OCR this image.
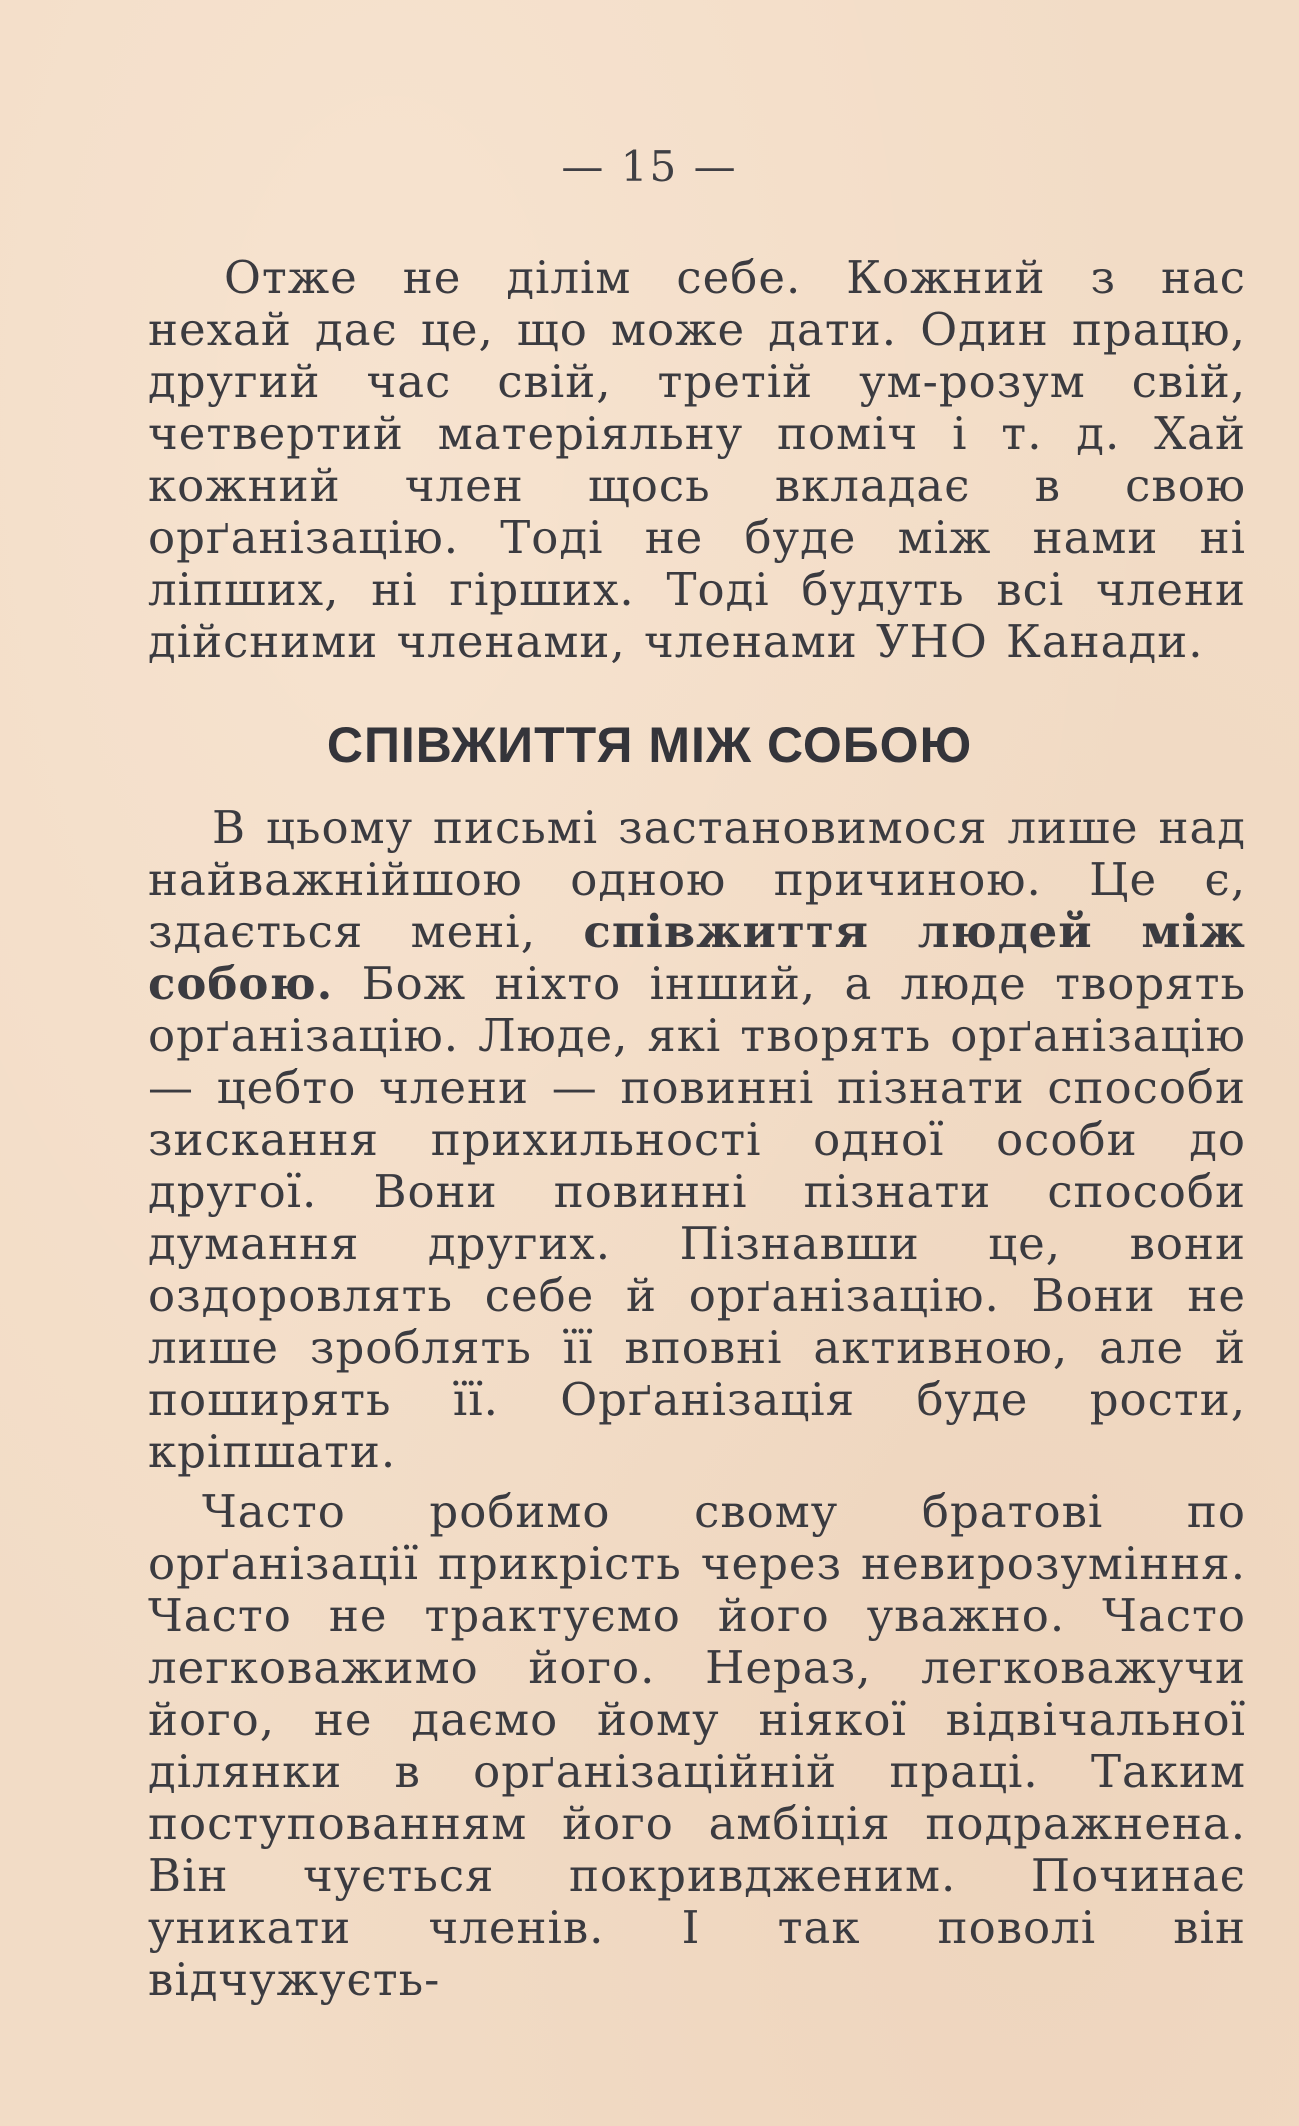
— 15 —

Отже не ділім себе. Кожний з нас нехай дає це, що може дати. Один працю, другий час свій, третій ум-розум свій, четвертий матеріяльну поміч і т. д. Хай кожний член щось вкладає в свою орґанізацію. Тоді не буде між нами ні ліпших, ні гірших. Тоді будуть всі члени дійсними членами, членами УНО Канади.

СПІВЖИТТЯ МІЖ СОБОЮ

В цьому письмі застановимося лише над найважнійшою одною причиною. Це є, здається мені, співжиття людей між собою. Бож ніхто інший, а люде творять орґанізацію. Люде, які творять орґанізацію — цебто члени — повинні пізнати способи зискання прихильності одної особи до другої. Вони повинні пізнати способи думання других. Пізнавши це, вони оздоровлять себе й орґанізацію. Вони не лише зроблять її вповні активною, але й поширять її. Орґанізація буде рости, кріпшати.

Часто робимо свому братові по орґанізації прикрість через невирозуміння. Часто не трактуємо його уважно. Часто легковажимо його. Нераз, легковажучи його, не даємо йому ніякої відвічальної ділянки в орґанізаційній праці. Таким поступованням його амбіція подражнена. Він чується покривдженим. Починає уникати членів. І так поволі він відчужуєть-
